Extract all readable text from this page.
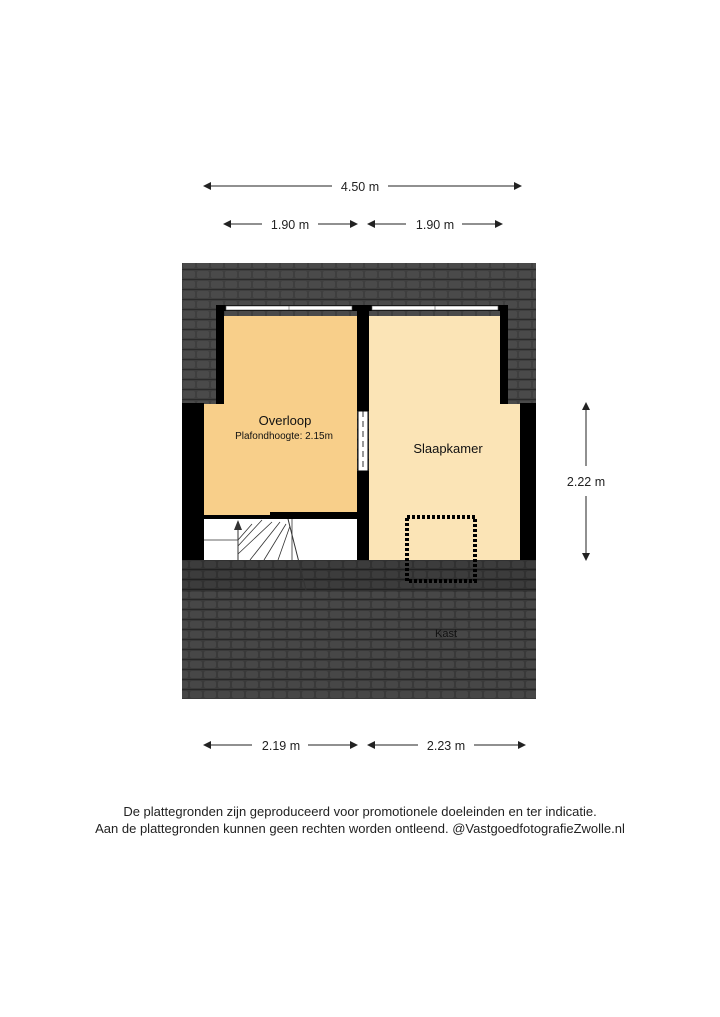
4.50 m
1.90 m	1.90 m
2.22 m
Overloop
Plafondhoogte: 2.15m
Slaapkamer
Kast
2.19 m	2.23 m
De plattegronden zijn geproduceerd voor promotionele doeleinden en ter indicatie.
Aan de plattegronden kunnen geen rechten worden ontleend. @VastgoedfotografieZwolle.nl
